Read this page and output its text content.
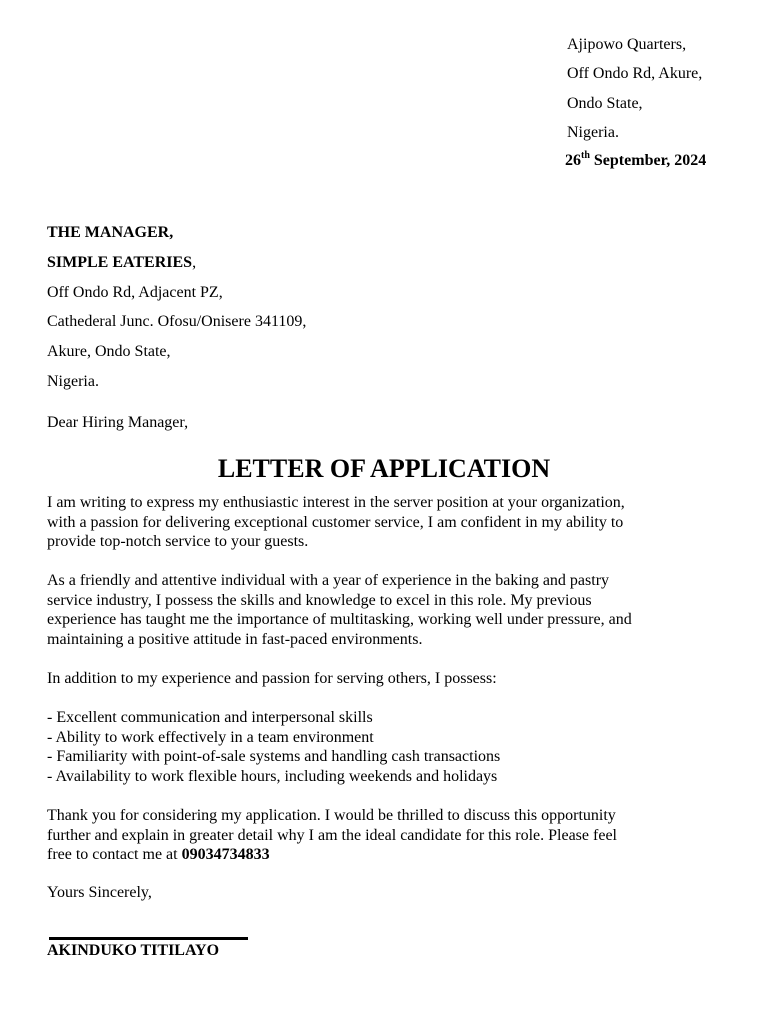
Ajipowo Quarters,
Off Ondo Rd, Akure,
Ondo State,
Nigeria.
26th September, 2024
THE MANAGER,
SIMPLE EATERIES,
Off Ondo Rd, Adjacent PZ,
Cathederal Junc. Ofosu/Onisere 341109,
Akure, Ondo State,
Nigeria.
Dear Hiring Manager,
LETTER OF APPLICATION
I am writing to express my enthusiastic interest in the server position at your organization,
with a passion for delivering exceptional customer service, I am confident in my ability to
provide top-notch service to your guests.
As a friendly and attentive individual with a year of experience in the baking and pastry
service industry, I possess the skills and knowledge to excel in this role. My previous
experience has taught me the importance of multitasking, working well under pressure, and
maintaining a positive attitude in fast-paced environments.
In addition to my experience and passion for serving others, I possess:
- Excellent communication and interpersonal skills
- Ability to work effectively in a team environment
- Familiarity with point-of-sale systems and handling cash transactions
- Availability to work flexible hours, including weekends and holidays
Thank you for considering my application. I would be thrilled to discuss this opportunity
further and explain in greater detail why I am the ideal candidate for this role. Please feel
free to contact me at 09034734833
Yours Sincerely,
AKINDUKO TITILAYO
